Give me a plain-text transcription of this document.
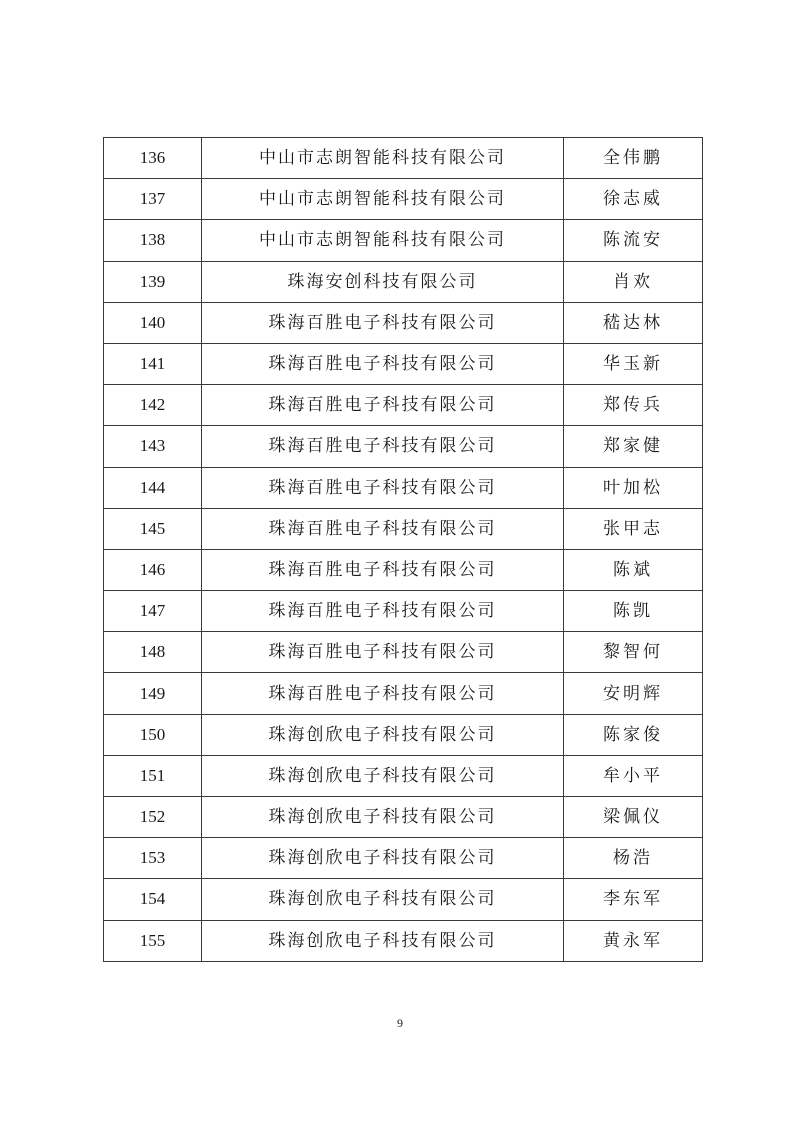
136	中山市志朗智能科技有限公司	全伟鹏
137	中山市志朗智能科技有限公司	徐志威
138	中山市志朗智能科技有限公司	陈流安
139	珠海安创科技有限公司	肖欢
140	珠海百胜电子科技有限公司	嵇达林
141	珠海百胜电子科技有限公司	华玉新
142	珠海百胜电子科技有限公司	郑传兵
143	珠海百胜电子科技有限公司	郑家健
144	珠海百胜电子科技有限公司	叶加松
145	珠海百胜电子科技有限公司	张甲志
146	珠海百胜电子科技有限公司	陈斌
147	珠海百胜电子科技有限公司	陈凯
148	珠海百胜电子科技有限公司	黎智何
149	珠海百胜电子科技有限公司	安明辉
150	珠海创欣电子科技有限公司	陈家俊
151	珠海创欣电子科技有限公司	牟小平
152	珠海创欣电子科技有限公司	梁佩仪
153	珠海创欣电子科技有限公司	杨浩
154	珠海创欣电子科技有限公司	李东军
155	珠海创欣电子科技有限公司	黄永军
9
